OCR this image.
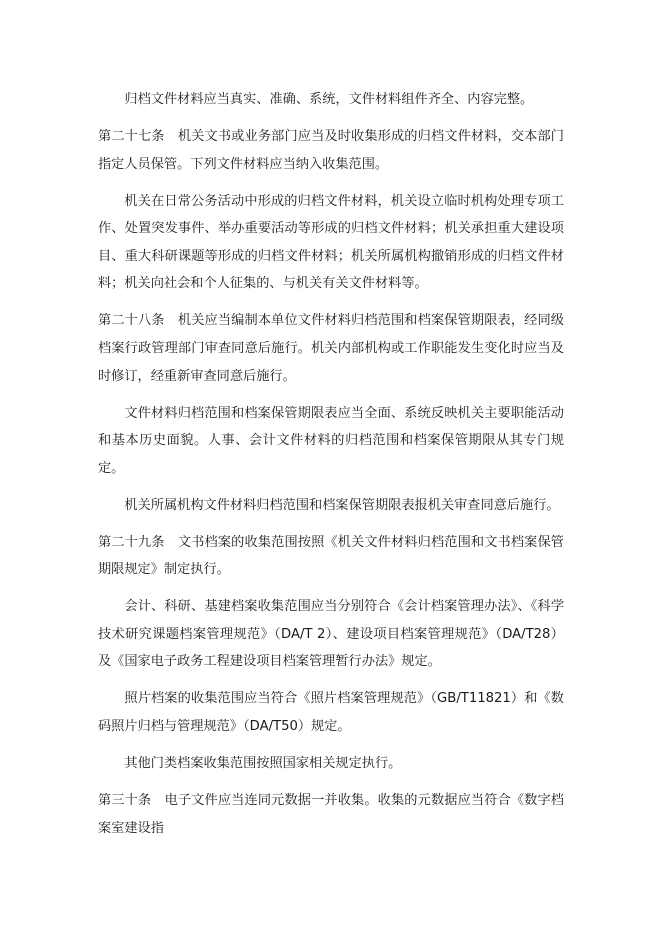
归档文件材料应当真实、准确、系统，文件材料组件齐全、内容完整。

第二十七条　机关文书或业务部门应当及时收集形成的归档文件材料，交本部门指定人员保管。下列文件材料应当纳入收集范围。

机关在日常公务活动中形成的归档文件材料，机关设立临时机构处理专项工作、处置突发事件、举办重要活动等形成的归档文件材料；机关承担重大建设项目、重大科研课题等形成的归档文件材料；机关所属机构撤销形成的归档文件材料；机关向社会和个人征集的、与机关有关文件材料等。

第二十八条　机关应当编制本单位文件材料归档范围和档案保管期限表，经同级档案行政管理部门审查同意后施行。机关内部机构或工作职能发生变化时应当及时修订，经重新审查同意后施行。

文件材料归档范围和档案保管期限表应当全面、系统反映机关主要职能活动和基本历史面貌。人事、会计文件材料的归档范围和档案保管期限从其专门规定。

机关所属机构文件材料归档范围和档案保管期限表报机关审查同意后施行。

第二十九条　文书档案的收集范围按照《机关文件材料归档范围和文书档案保管期限规定》制定执行。

会计、科研、基建档案收集范围应当分别符合《会计档案管理办法》、《科学技术研究课题档案管理规范》（DA/T 2）、建设项目档案管理规范》（DA/T28）及《国家电子政务工程建设项目档案管理暂行办法》规定。

照片档案的收集范围应当符合《照片档案管理规范》（GB/T11821）和《数码照片归档与管理规范》（DA/T50）规定。

其他门类档案收集范围按照国家相关规定执行。

第三十条　电子文件应当连同元数据一并收集。收集的元数据应当符合《数字档案室建设指
